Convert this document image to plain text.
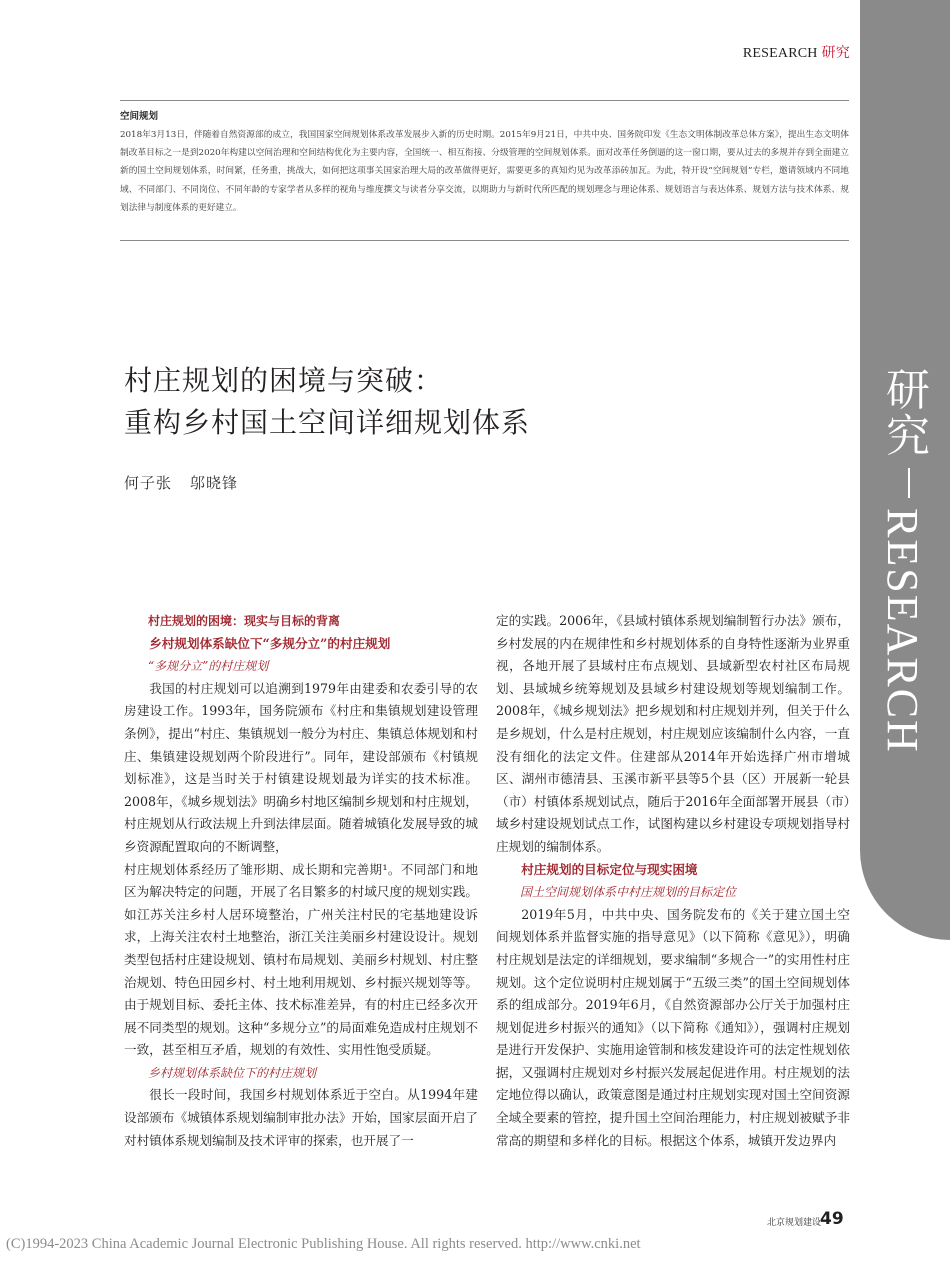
RESEARCH 研究
空间规划
2018年3月13日，伴随着自然资源部的成立，我国国家空间规划体系改革发展步入新的历史时期。2015年9月21日，中共中央、国务院印发《生态文明体制改革总体方案》，提出生态文明体制改革目标之一是到2020年构建以空间治理和空间结构优化为主要内容，全国统一、相互衔接、分级管理的空间规划体系。面对改革任务倒逼的这一窗口期，要从过去的多规并存到全面建立新的国土空间规划体系，时间紧，任务重，挑战大，如何把这项事关国家治理大局的改革做得更好，需要更多的真知灼见为改革添砖加瓦。为此，特开设“空间规划”专栏，邀请领域内不同地域、不同部门、不同岗位、不同年龄的专家学者从多样的视角与维度撰文与读者分享交流，以期助力与新时代所匹配的规划理念与理论体系、规划语言与表达体系、规划方法与技术体系、规划法律与制度体系的更好建立。
村庄规划的困境与突破：
重构乡村国土空间详细规划体系
何子张 邬晓锋

村庄规划的困境：现实与目标的背离

乡村规划体系缺位下“多规分立”的村庄规划

“多规分立”的村庄规划

我国的村庄规划可以追溯到1979年由建委和农委引导的农房建设工作。1993年，国务院颁布《村庄和集镇规划建设管理条例》，提出“村庄、集镇规划一般分为村庄、集镇总体规划和村庄、集镇建设规划两个阶段进行”。同年，建设部颁布《村镇规划标准》，这是当时关于村镇建设规划最为详实的技术标准。2008年，《城乡规划法》明确乡村地区编制乡规划和村庄规划，村庄规划从行政法规上升到法律层面。随着城镇化发展导致的城乡资源配置取向的不断调整，

村庄规划体系经历了雏形期、成长期和完善期¹。不同部门和地区为解决特定的问题，开展了名目繁多的村域尺度的规划实践。如江苏关注乡村人居环境整治，广州关注村民的宅基地建设诉求，上海关注农村土地整治，浙江关注美丽乡村建设设计。规划类型包括村庄建设规划、镇村布局规划、美丽乡村规划、村庄整治规划、特色田园乡村、村土地利用规划、乡村振兴规划等等。由于规划目标、委托主体、技术标准差异，有的村庄已经多次开展不同类型的规划。这种“多规分立”的局面难免造成村庄规划不一致，甚至相互矛盾，规划的有效性、实用性饱受质疑。

乡村规划体系缺位下的村庄规划

很长一段时间，我国乡村规划体系近于空白。从1994年建设部颁布《城镇体系规划编制审批办法》开始，国家层面开启了对村镇体系规划编制及技术评审的探索，也开展了一

定的实践。2006年，《县域村镇体系规划编制暂行办法》颁布，乡村发展的内在规律性和乡村规划体系的自身特性逐渐为业界重视，各地开展了县域村庄布点规划、县域新型农村社区布局规划、县域城乡统筹规划及县域乡村建设规划等规划编制工作。2008年，《城乡规划法》把乡规划和村庄规划并列，但关于什么是乡规划，什么是村庄规划，村庄规划应该编制什么内容，一直没有细化的法定文件。住建部从2014年开始选择广州市增城区、湖州市德清县、玉溪市新平县等5个县（区）开展新一轮县（市）村镇体系规划试点，随后于2016年全面部署开展县（市）域乡村建设规划试点工作，试图构建以乡村建设专项规划指导村庄规划的编制体系。

村庄规划的目标定位与现实困境

国土空间规划体系中村庄规划的目标定位

2019年5月，中共中央、国务院发布的《关于建立国土空间规划体系并监督实施的指导意见》（以下简称《意见》），明确村庄规划是法定的详细规划，要求编制“多规合一”的实用性村庄规划。这个定位说明村庄规划属于“五级三类”的国土空间规划体系的组成部分。2019年6月，《自然资源部办公厅关于加强村庄规划促进乡村振兴的通知》（以下简称《通知》），强调村庄规划是进行开发保护、实施用途管制和核发建设许可的法定性规划依据，又强调村庄规划对乡村振兴发展起促进作用。村庄规划的法定地位得以确认，政策意图是通过村庄规划实现对国土空间资源全域全要素的管控，提升国土空间治理能力，村庄规划被赋予非常高的期望和多样化的目标。根据这个体系，城镇开发边界内

研究
RESEARCH
北京规划建设
49
(C)1994-2023 China Academic Journal Electronic Publishing House. All rights reserved. http://www.cnki.net
